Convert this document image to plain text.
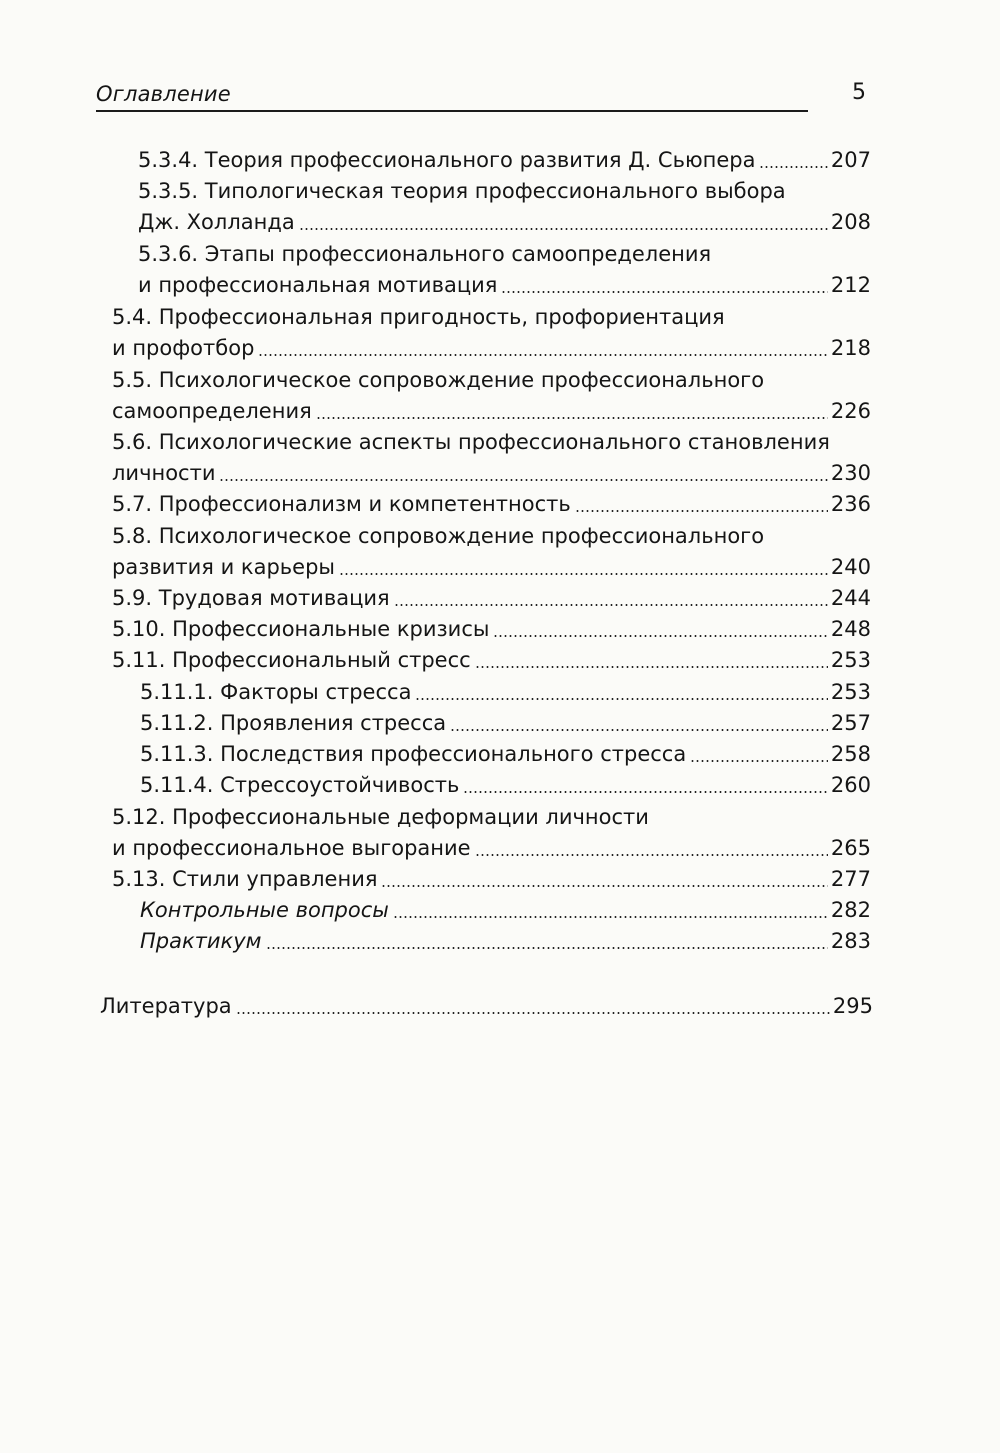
Оглавление	5
5.3.4. Теория профессионального развития Д. Сьюпера	207
5.3.5. Типологическая теория профессионального выбора
Дж. Холланда	208
5.3.6. Этапы профессионального самоопределения
и профессиональная мотивация	212
5.4. Профессиональная пригодность, профориентация
и профотбор	218
5.5. Психологическое сопровождение профессионального
самоопределения	226
5.6. Психологические аспекты профессионального становления
личности	230
5.7. Профессионализм и компетентность	236
5.8. Психологическое сопровождение профессионального
развития и карьеры	240
5.9. Трудовая мотивация	244
5.10. Профессиональные кризисы	248
5.11. Профессиональный стресс	253
5.11.1. Факторы стресса	253
5.11.2. Проявления стресса	257
5.11.3. Последствия профессионального стресса	258
5.11.4. Стрессоустойчивость	260
5.12. Профессиональные деформации личности
и профессиональное выгорание	265
5.13. Стили управления	277
Контрольные вопросы	282
Практикум	283
Литература	295
